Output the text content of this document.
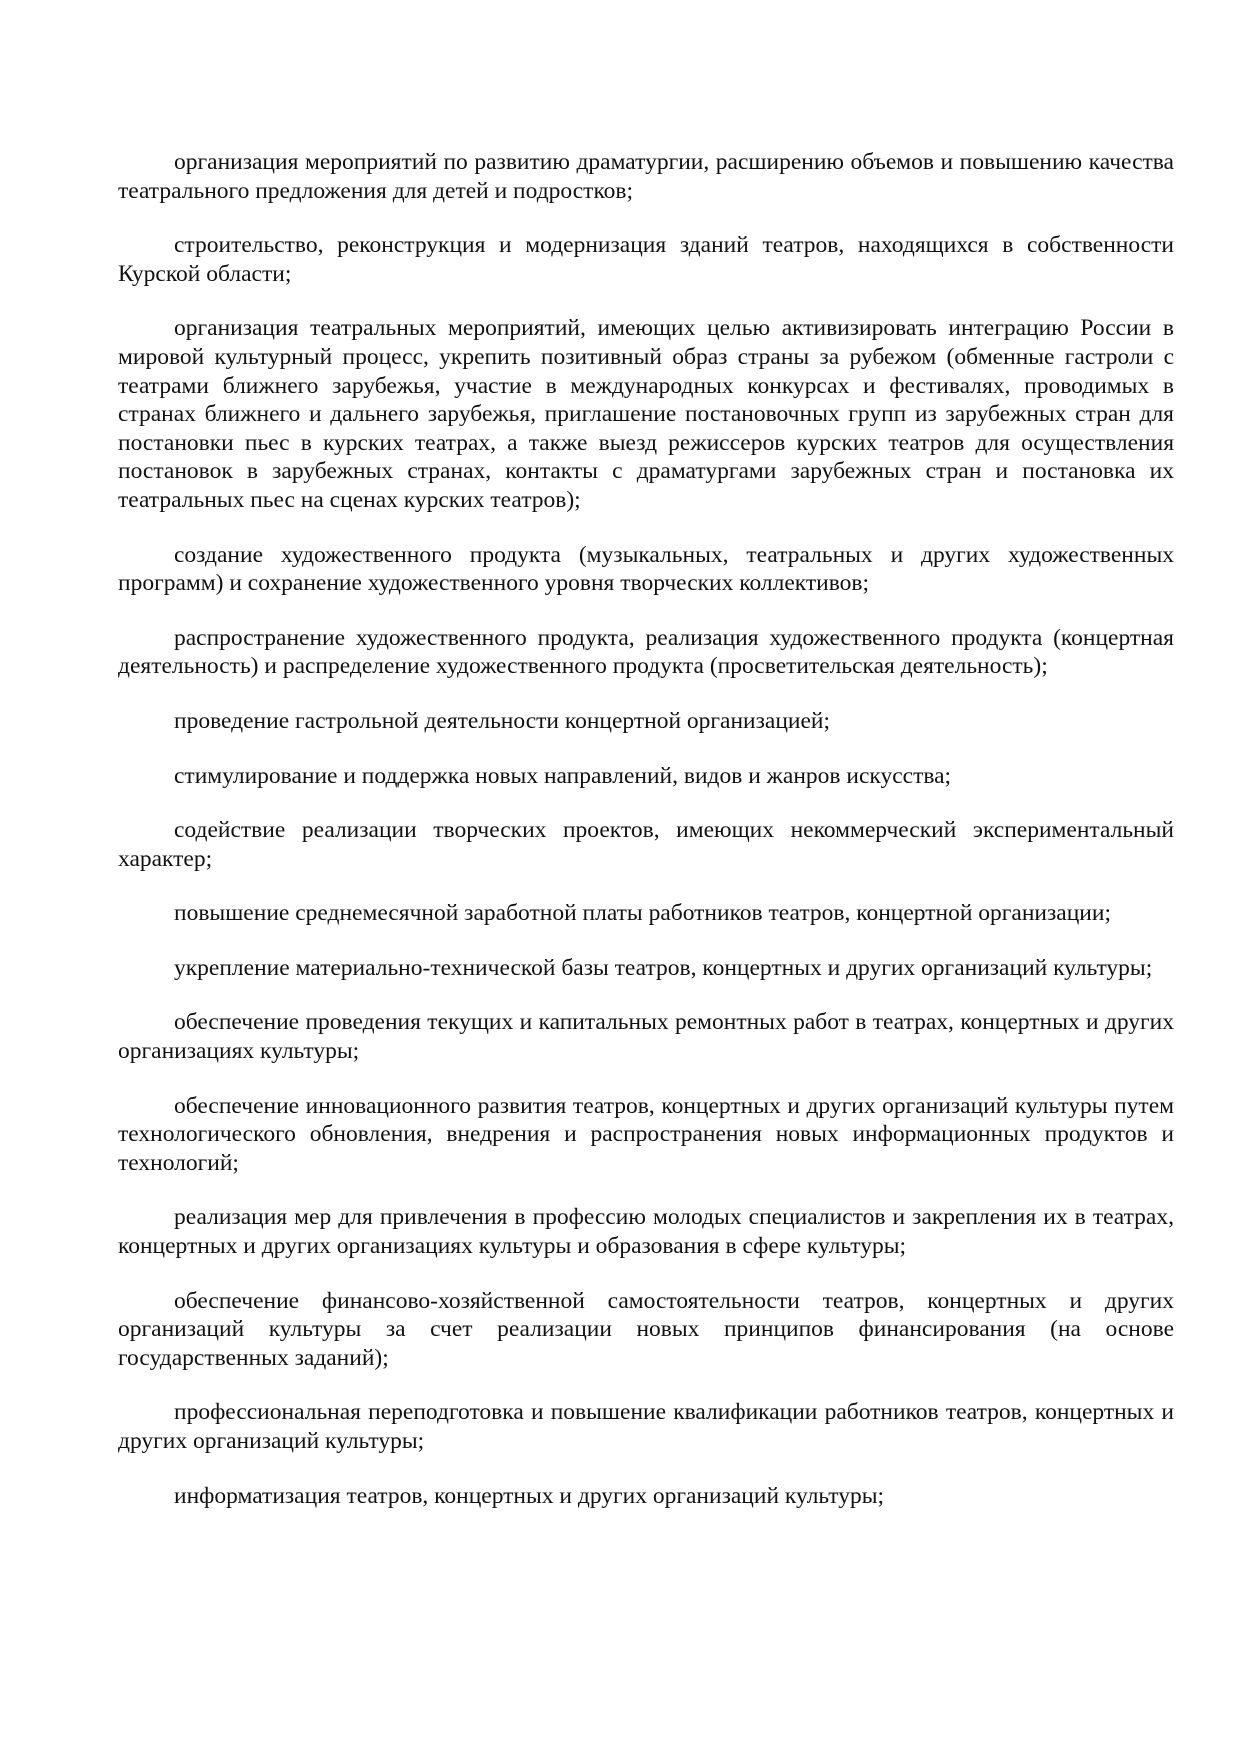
организация мероприятий по развитию драматургии, расширению объемов и повышению качества театрального предложения для детей и подростков;

строительство, реконструкция и модернизация зданий театров, находящихся в собственности Курской области;

организация театральных мероприятий, имеющих целью активизировать интеграцию России в мировой культурный процесс, укрепить позитивный образ страны за рубежом (обменные гастроли с театрами ближнего зарубежья, участие в международных конкурсах и фестивалях, проводимых в странах ближнего и дальнего зарубежья, приглашение постановочных групп из зарубежных стран для постановки пьес в курских театрах, а также выезд режиссеров курских театров для осуществления постановок в зарубежных странах, контакты с драматургами зарубежных стран и постановка их театральных пьес на сценах курских театров);

создание художественного продукта (музыкальных, театральных и других художественных программ) и сохранение художественного уровня творческих коллективов;

распространение художественного продукта, реализация художественного продукта (концертная деятельность) и распределение художественного продукта (просветительская деятельность);

проведение гастрольной деятельности концертной организацией;

стимулирование и поддержка новых направлений, видов и жанров искусства;

содействие реализации творческих проектов, имеющих некоммерческий экспериментальный характер;

повышение среднемесячной заработной платы работников театров, концертной организации;

укрепление материально-технической базы театров, концертных и других организаций культуры;

обеспечение проведения текущих и капитальных ремонтных работ в театрах, концертных и других организациях культуры;

обеспечение инновационного развития театров, концертных и других организаций культуры путем технологического обновления, внедрения и распространения новых информационных продуктов и технологий;

реализация мер для привлечения в профессию молодых специалистов и закрепления их в театрах, концертных и других организациях культуры и образования в сфере культуры;

обеспечение финансово-хозяйственной самостоятельности театров, концертных и других организаций культуры за счет реализации новых принципов финансирования (на основе государственных заданий);

профессиональная переподготовка и повышение квалификации работников театров, концертных и других организаций культуры;

информатизация театров, концертных и других организаций культуры;
